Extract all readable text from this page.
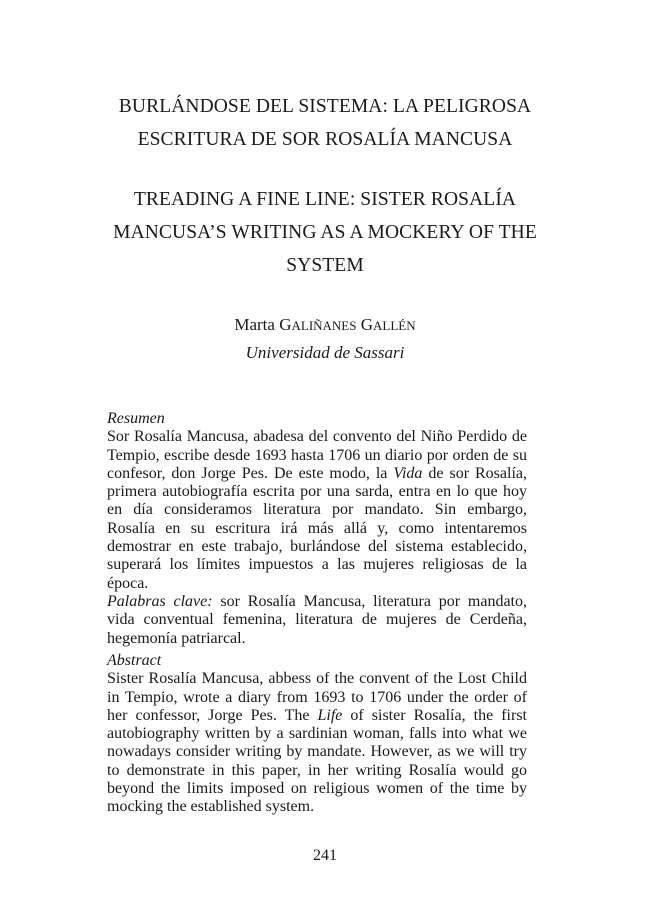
BURLÁNDOSE DEL SISTEMA: LA PELIGROSA
ESCRITURA DE SOR ROSALÍA MANCUSA
TREADING A FINE LINE: SISTER ROSALÍA
MANCUSA’S WRITING AS A MOCKERY OF THE
SYSTEM
Marta GALIÑANES GALLÉN
Universidad de Sassari
Resumen
Sor Rosalía Mancusa, abadesa del convento del Niño Perdido de Tempio, escribe desde 1693 hasta 1706 un diario por orden de su confesor, don Jorge Pes. De este modo, la Vida de sor Rosalía, primera autobiografía escrita por una sarda, entra en lo que hoy en día consideramos literatura por mandato. Sin embargo, Rosalía en su escritura irá más allá y, como intentaremos demostrar en este trabajo, burlándose del sistema establecido, superará los límites impuestos a las mujeres religiosas de la época.
Palabras clave: sor Rosalía Mancusa, literatura por mandato, vida conventual femenina, literatura de mujeres de Cerdeña, hegemonía patriarcal.
Abstract
Sister Rosalía Mancusa, abbess of the convent of the Lost Child in Tempio, wrote a diary from 1693 to 1706 under the order of her confessor, Jorge Pes. The Life of sister Rosalía, the first autobiography written by a sardinian woman, falls into what we nowadays consider writing by mandate. However, as we will try to demonstrate in this paper, in her writing Rosalía would go beyond the limits imposed on religious women of the time by mocking the established system.
241
